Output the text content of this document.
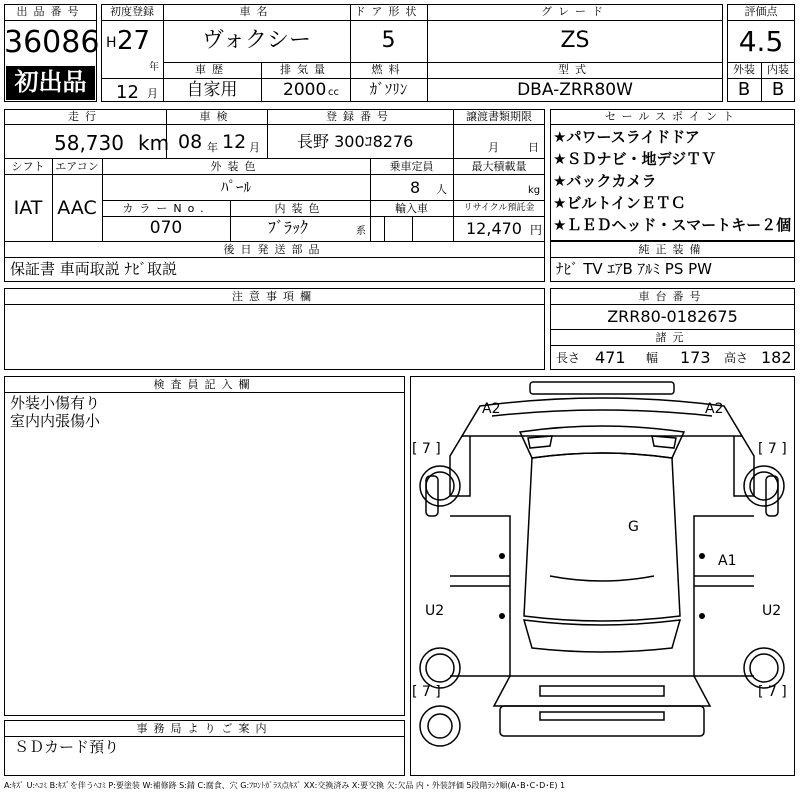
出品番号
36086
初出品
初度登録	車名	ドア形状	グレード
H 27
年
12 月
ヴォクシー	5	ZS
車歴	排気量	燃料	型式
自家用	2000 cc	ｶﾞｿﾘﾝ	DBA-ZRR80W
評価点
4.5
外装	内装
B	B
走行	車検	登録番号	譲渡書類期限
58,730 km 08 年 12 月 長野 300ｺ8276	月	日
シフト エアコン	外装色	乗車定員	最大積載量
IAT AAC
ﾊﾟｰﾙ	8 人	kg
カラーNo.	内装色	輸入車	リサイクル預託金
070	ﾌﾞﾗｯｸ	系	12,470 円
後日発送部品
保証書 車両取説 ﾅﾋﾞ取説
注意事項欄
セールスポイント
★パワースライドドア
★ＳＤナビ・地デジＴＶ
★バックカメラ
★ビルトインＥＴＣ
★ＬＥＤヘッド・スマートキー２個
純正装備
ﾅﾋﾞ TV ｴｱB ｱﾙﾐ PS PW
車台番号
ZRR80-0182675
諸元
長さ 471 幅 173 高さ 182
検査員記入欄
外装小傷有り
室内内張傷小
事務局よりご案内
ＳＤカード預り
A2	A2
[ 7 ]	[ 7 ]
G
A1
U2	U2
[ 7 ]	[ 7 ]
A:ｷｽﾞ U:ﾍｺﾐ B:ｷｽﾞを伴うﾍｺﾐ P:要塗装 W:補修跡 S:錆 C:腐食、穴 G:ﾌﾛﾝﾄｶﾞﾗｽ点ｷｽﾞ XX:交換済み X:要交換 欠:欠品 内・外装評価 5段階ﾗﾝｸ順(A･B･C･D･E) 1
